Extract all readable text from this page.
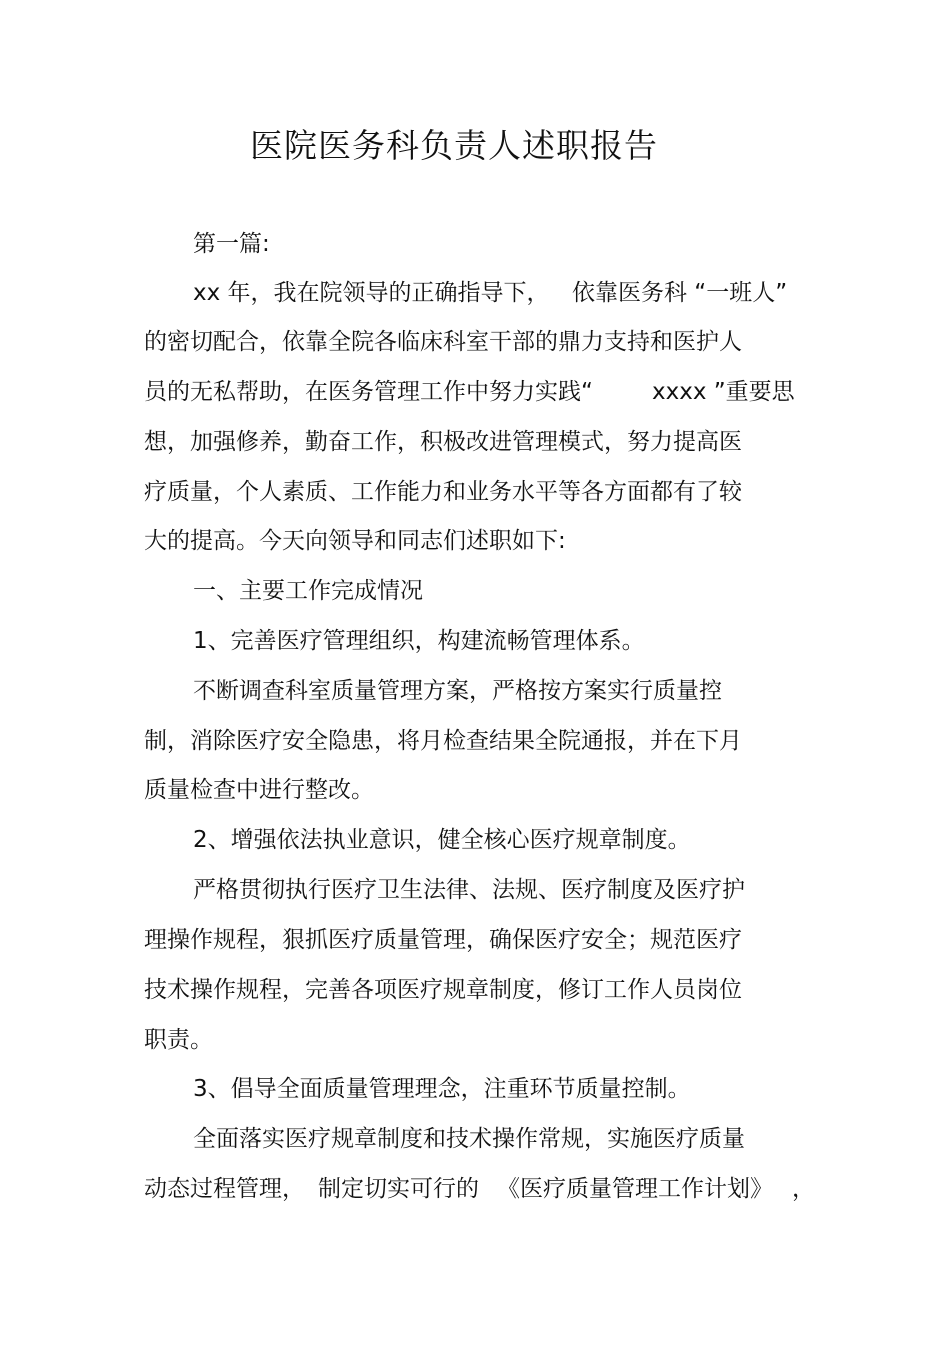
医院医务科负责人述职报告
第一篇:
xx 年，我在院领导的正确指导下， 依靠医务科 “一班人”
的密切配合，依靠全院各临床科室干部的鼎力支持和医护人
员的无私帮助，在医务管理工作中努力实践“	xxxx ”重要思
想，加强修养，勤奋工作，积极改进管理模式，努力提高医
疗质量，个人素质、工作能力和业务水平等各方面都有了较
大的提高。今天向领导和同志们述职如下:
一、主要工作完成情况
1、完善医疗管理组织，构建流畅管理体系。
不断调查科室质量管理方案，严格按方案实行质量控
制，消除医疗安全隐患，将月检查结果全院通报，并在下月
质量检查中进行整改。
2、增强依法执业意识，健全核心医疗规章制度。
严格贯彻执行医疗卫生法律、法规、医疗制度及医疗护
理操作规程，狠抓医疗质量管理，确保医疗安全；规范医疗
技术操作规程，完善各项医疗规章制度，修订工作人员岗位
职责。
3、倡导全面质量管理理念，注重环节质量控制。
全面落实医疗规章制度和技术操作常规，实施医疗质量
动态过程管理， 制定切实可行的 《医疗质量管理工作计划》 ，
